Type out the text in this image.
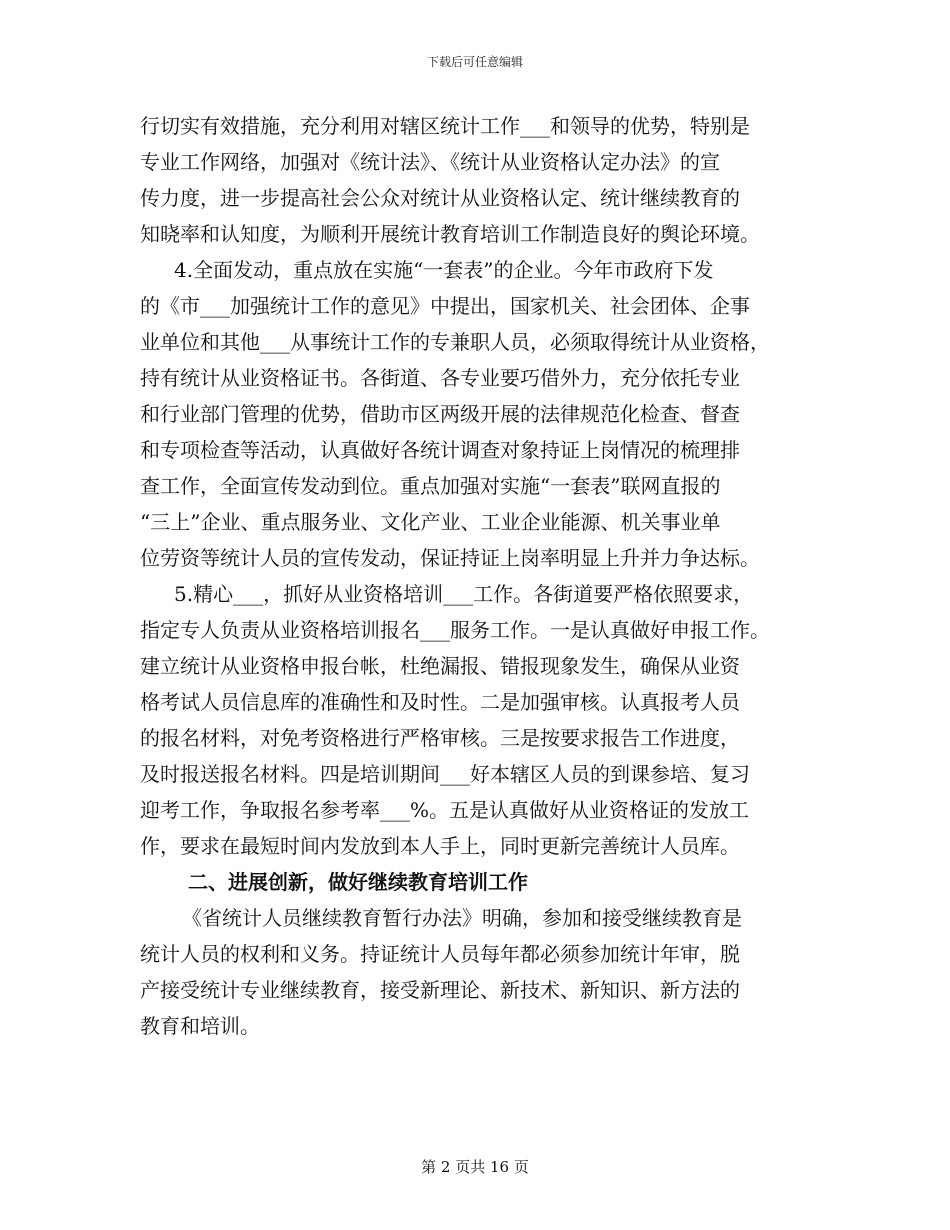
下载后可任意编辑
行切实有效措施，充分利用对辖区统计工作___和领导的优势，特别是
专业工作网络，加强对《统计法》、《统计从业资格认定办法》的宣
传力度，进一步提高社会公众对统计从业资格认定、统计继续教育的
知晓率和认知度，为顺利开展统计教育培训工作制造良好的舆论环境。
4.全面发动，重点放在实施“一套表”的企业。今年市政府下发
的《市___加强统计工作的意见》中提出，国家机关、社会团体、企事
业单位和其他___从事统计工作的专兼职人员，必须取得统计从业资格，
持有统计从业资格证书。各街道、各专业要巧借外力，充分依托专业
和行业部门管理的优势，借助市区两级开展的法律规范化检查、督查
和专项检查等活动，认真做好各统计调查对象持证上岗情况的梳理排
查工作，全面宣传发动到位。重点加强对实施“一套表”联网直报的
“三上”企业、重点服务业、文化产业、工业企业能源、机关事业单
位劳资等统计人员的宣传发动，保证持证上岗率明显上升并力争达标。
5.精心___，抓好从业资格培训___工作。各街道要严格依照要求，
指定专人负责从业资格培训报名___服务工作。一是认真做好申报工作。
建立统计从业资格申报台帐，杜绝漏报、错报现象发生，确保从业资
格考试人员信息库的准确性和及时性。二是加强审核。认真报考人员
的报名材料，对免考资格进行严格审核。三是按要求报告工作进度，
及时报送报名材料。四是培训期间___好本辖区人员的到课参培、复习
迎考工作，争取报名参考率___%。五是认真做好从业资格证的发放工
作，要求在最短时间内发放到本人手上，同时更新完善统计人员库。
二、进展创新，做好继续教育培训工作
《省统计人员继续教育暂行办法》明确，参加和接受继续教育是
统计人员的权利和义务。持证统计人员每年都必须参加统计年审，脱
产接受统计专业继续教育，接受新理论、新技术、新知识、新方法的
教育和培训。
第 2 页共 16 页
